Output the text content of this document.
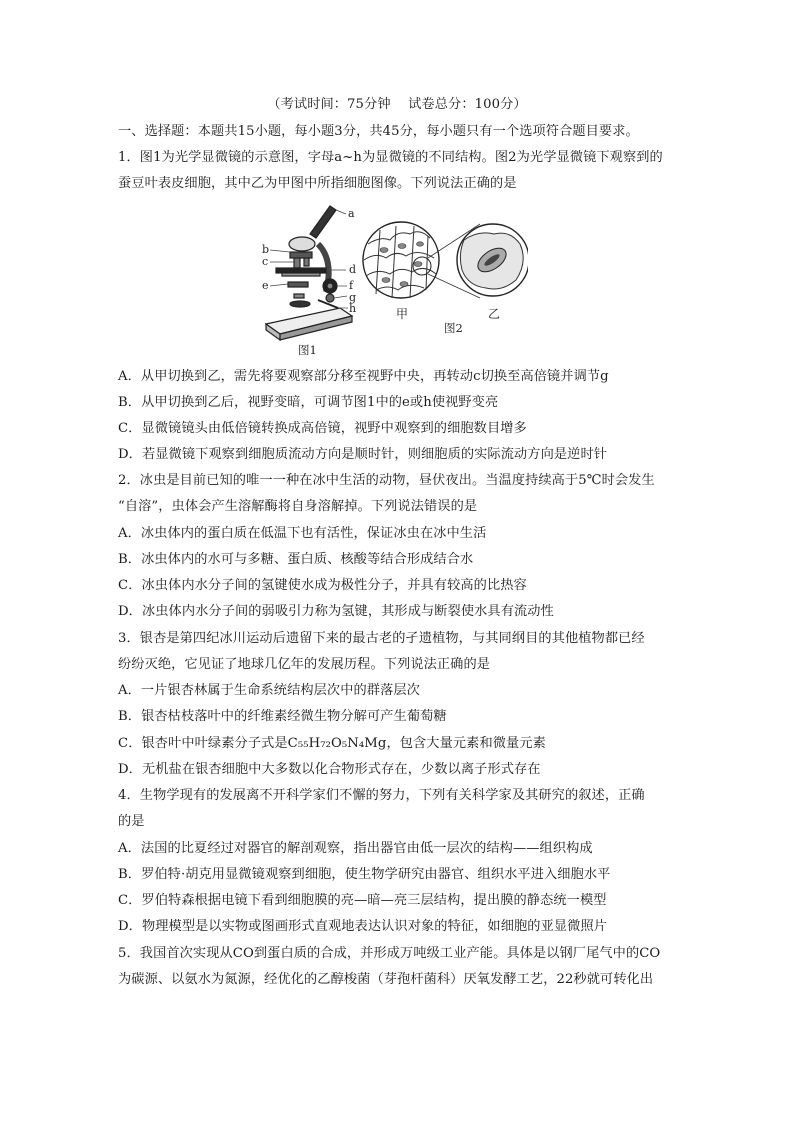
（考试时间：75分钟　 试卷总分：100分）
一、选择题：本题共15小题，每小题3分，共45分，每小题只有一个选项符合题目要求。
1．图1为光学显微镜的示意图，字母a~h为显微镜的不同结构。图2为光学显微镜下观察到的
蚕豆叶表皮细胞，其中乙为甲图中所指细胞图像。下列说法正确的是
a
b
c
d
e	f
g
h	甲	乙
图2
图1
A．从甲切换到乙，需先将要观察部分移至视野中央，再转动c切换至高倍镜并调节g
B．从甲切换到乙后，视野变暗，可调节图1中的e或h使视野变亮
C．显微镜镜头由低倍镜转换成高倍镜，视野中观察到的细胞数目增多
D．若显微镜下观察到细胞质流动方向是顺时针，则细胞质的实际流动方向是逆时针
2．冰虫是目前已知的唯一一种在冰中生活的动物，昼伏夜出。当温度持续高于5℃时会发生
“自溶”，虫体会产生溶解酶将自身溶解掉。下列说法错误的是
A．冰虫体内的蛋白质在低温下也有活性，保证冰虫在冰中生活
B．冰虫体内的水可与多糖、蛋白质、核酸等结合形成结合水
C．冰虫体内水分子间的氢键使水成为极性分子，并具有较高的比热容
D．冰虫体内水分子间的弱吸引力称为氢键，其形成与断裂使水具有流动性
3．银杏是第四纪冰川运动后遗留下来的最古老的孑遗植物，与其同纲目的其他植物都已经
纷纷灭绝，它见证了地球几亿年的发展历程。下列说法正确的是
A．一片银杏林属于生命系统结构层次中的群落层次
B．银杏枯枝落叶中的纤维素经微生物分解可产生葡萄糖
C．银杏叶中叶绿素分子式是C₅₅H₇₂O₅N₄Mg，包含大量元素和微量元素
D．无机盐在银杏细胞中大多数以化合物形式存在，少数以离子形式存在
4．生物学现有的发展离不开科学家们不懈的努力，下列有关科学家及其研究的叙述，正确
的是
A．法国的比夏经过对器官的解剖观察，指出器官由低一层次的结构——组织构成
B．罗伯特·胡克用显微镜观察到细胞，使生物学研究由器官、组织水平进入细胞水平
C．罗伯特森根据电镜下看到细胞膜的亮—暗—亮三层结构，提出膜的静态统一模型
D．物理模型是以实物或图画形式直观地表达认识对象的特征，如细胞的亚显微照片
5．我国首次实现从CO到蛋白质的合成，并形成万吨级工业产能。具体是以钢厂尾气中的CO
为碳源、以氨水为氮源，经优化的乙醇梭菌（芽孢杆菌科）厌氧发酵工艺，22秒就可转化出
